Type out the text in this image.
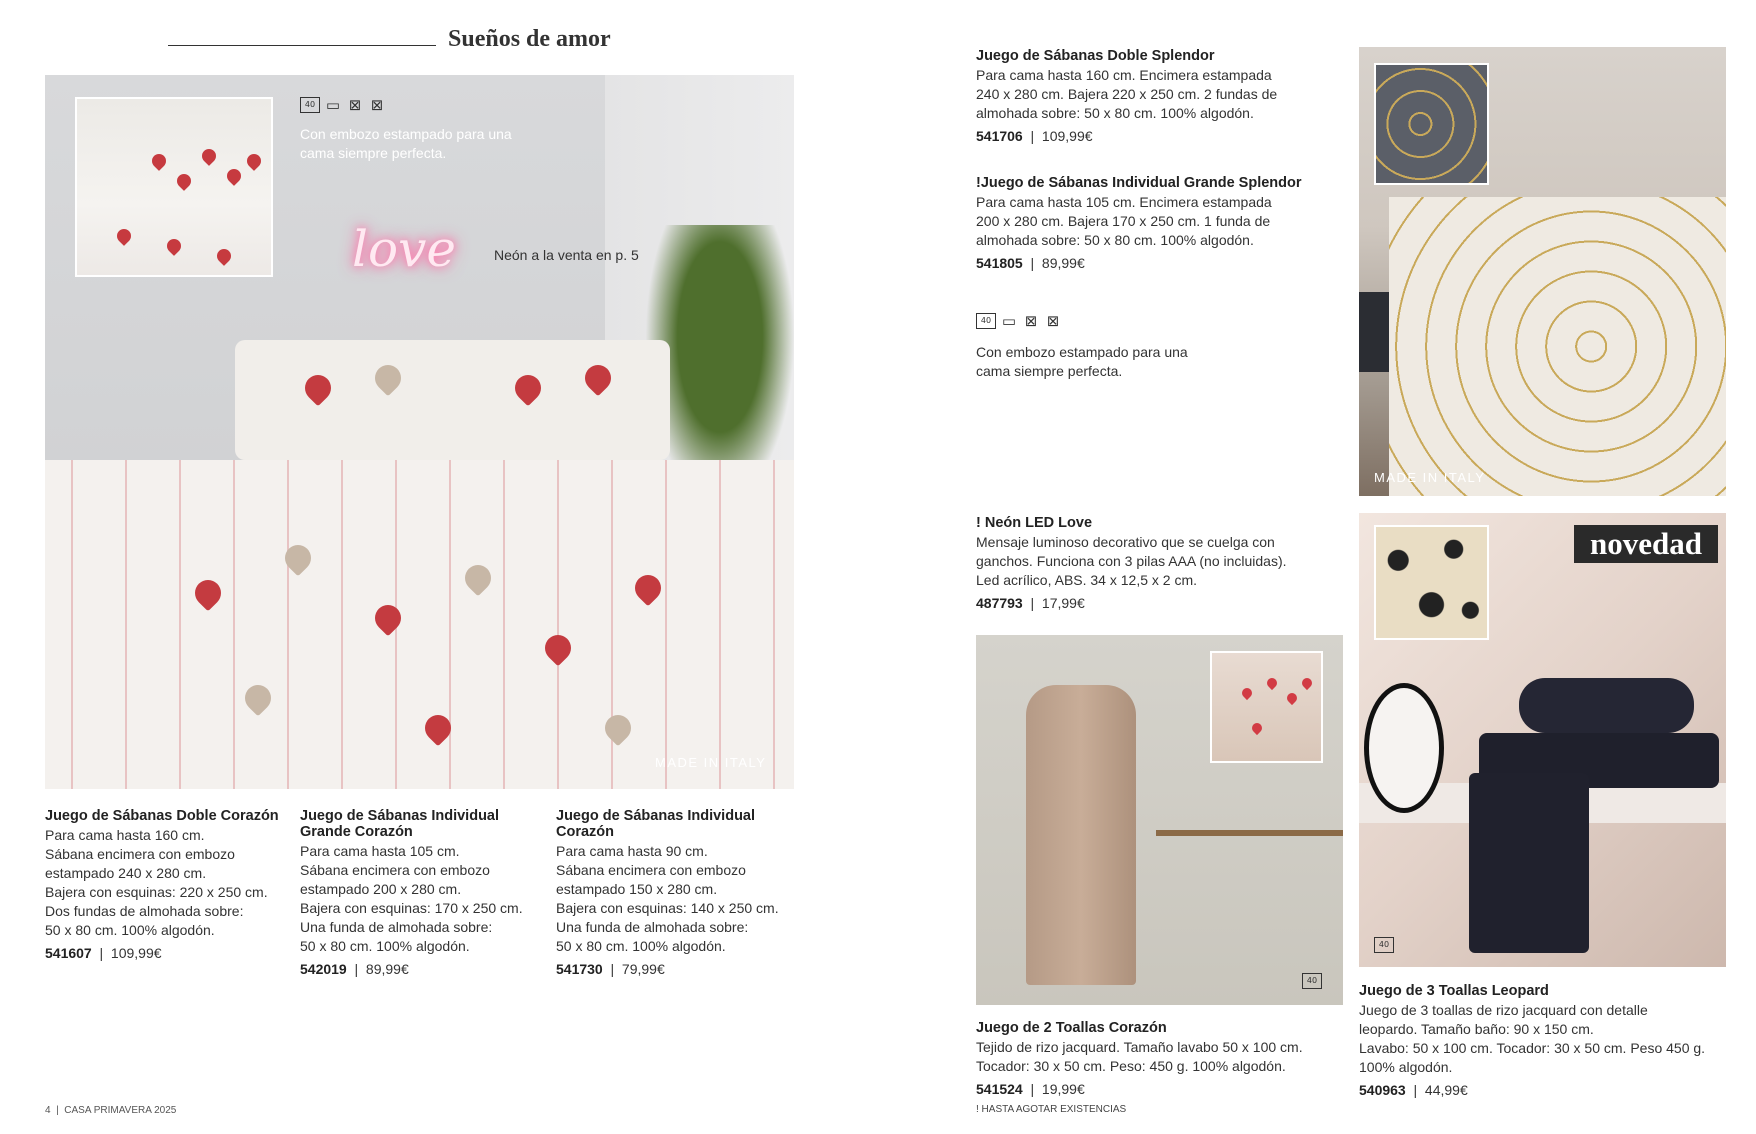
Sueños de amor
40 ▭ ⊠ ⊠
Con embozo estampado para una cama siempre perfecta.
love	Neón a la venta en p. 5
MADE IN ITALY
Juego de Sábanas Doble Corazón
Para cama hasta 160 cm.
Sábana encimera con embozo
estampado 240 x 280 cm.
Bajera con esquinas: 220 x 250 cm.
Dos fundas de almohada sobre:
50 x 80 cm. 100% algodón.
541607  |  109,99€
Juego de Sábanas Individual Grande Corazón
Para cama hasta 105 cm.
Sábana encimera con embozo
estampado 200 x 280 cm.
Bajera con esquinas: 170 x 250 cm.
Una funda de almohada sobre:
50 x 80 cm. 100% algodón.
542019  |  89,99€
Juego de Sábanas Individual Corazón
Para cama hasta 90 cm.
Sábana encimera con embozo
estampado 150 x 280 cm.
Bajera con esquinas: 140 x 250 cm.
Una funda de almohada sobre:
50 x 80 cm. 100% algodón.
541730  |  79,99€
Juego de Sábanas Doble Splendor
Para cama hasta 160 cm. Encimera estampada
240 x 280 cm. Bajera 220 x 250 cm. 2 fundas de
almohada sobre: 50 x 80 cm. 100% algodón.
541706  |  109,99€
!Juego de Sábanas Individual Grande Splendor
Para cama hasta 105 cm. Encimera estampada
200 x 280 cm. Bajera 170 x 250 cm. 1 funda de
almohada sobre: 50 x 80 cm. 100% algodón.
541805  |  89,99€
40 ▭ ⊠ ⊠
Con embozo estampado para una cama siempre perfecta.
! Neón LED Love
Mensaje luminoso decorativo que se cuelga con
ganchos. Funciona con 3 pilas AAA (no incluidas).
Led acrílico, ABS. 34 x 12,5 x 2 cm.
487793  |  17,99€
MADE IN ITALY
40
novedad
40
Juego de 2 Toallas Corazón
Tejido de rizo jacquard. Tamaño lavabo 50 x 100 cm.
Tocador: 30 x 50 cm. Peso: 450 g. 100% algodón.
541524  |  19,99€
Juego de 3 Toallas Leopard
Juego de 3 toallas de rizo jacquard con detalle
leopardo. Tamaño baño: 90 x 150 cm.
Lavabo: 50 x 100 cm. Tocador: 30 x 50 cm. Peso 450 g.
100% algodón.
540963  |  44,99€
4  |  CASA PRIMAVERA 2025	! HASTA AGOTAR EXISTENCIAS
